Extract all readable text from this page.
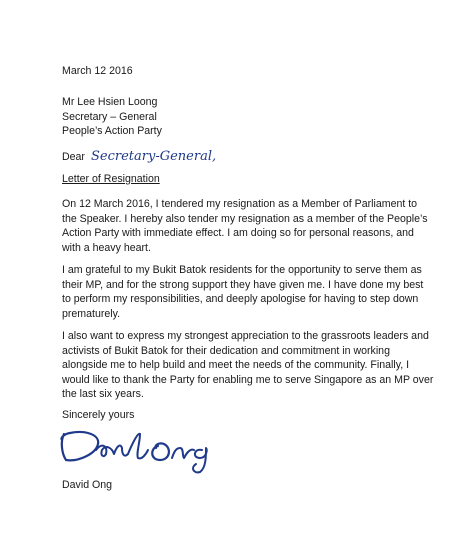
March 12 2016
Mr Lee Hsien Loong
Secretary – General
People’s Action Party
Dear Secretary-General,
Letter of Resignation
On 12 March 2016, I tendered my resignation as a Member of Parliament to the Speaker. I hereby also tender my resignation as a member of the People’s Action Party with immediate effect. I am doing so for personal reasons, and with a heavy heart.
I am grateful to my Bukit Batok residents for the opportunity to serve them as their MP, and for the strong support they have given me. I have done my best to perform my responsibilities, and deeply apologise for having to step down prematurely.
I also want to express my strongest appreciation to the grassroots leaders and activists of Bukit Batok for their dedication and commitment in working alongside me to help build and meet the needs of the community. Finally, I would like to thank the Party for enabling me to serve Singapore as an MP over the last six years.
Sincerely yours
David Ong
